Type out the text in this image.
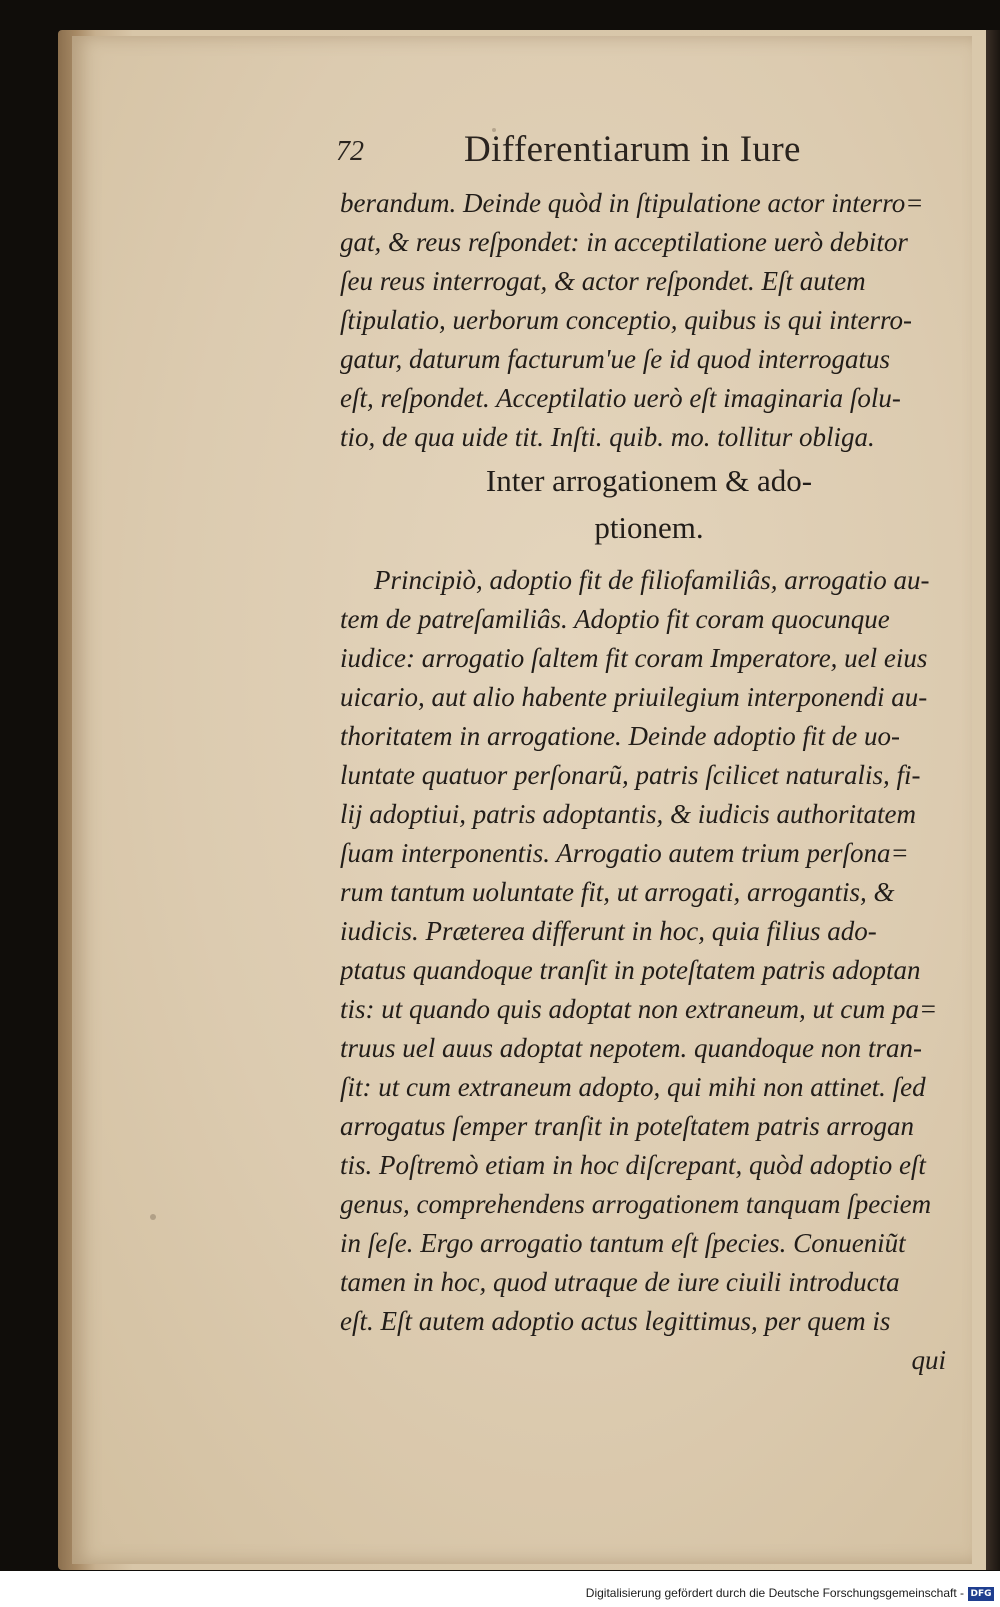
72	Differentiarum in Iure
berandum. Deinde quòd in ſtipulatione actor interro=
gat, & reus reſpondet: in acceptilatione uerò debitor
ſeu reus interrogat, & actor reſpondet. Eſt autem
ſtipulatio, uerborum conceptio, quibus is qui interro-
gatur, daturum facturum'ue ſe id quod interrogatus
eſt, reſpondet. Acceptilatio uerò eſt imaginaria ſolu-
tio, de qua uide tit. Inſti. quib. mo. tollitur obliga.
Inter arrogationem & ado-
ptionem.
Principiò, adoptio fit de filiofamiliâs, arrogatio au-
tem de patreſamiliâs. Adoptio fit coram quocunque
iudice: arrogatio ſaltem fit coram Imperatore, uel eius
uicario, aut alio habente priuilegium interponendi au-
thoritatem in arrogatione. Deinde adoptio fit de uo-
luntate quatuor perſonarũ, patris ſcilicet naturalis, fi-
lij adoptiui, patris adoptantis, & iudicis authoritatem
ſuam interponentis. Arrogatio autem trium perſona=
rum tantum uoluntate fit, ut arrogati, arrogantis, &
iudicis. Præterea differunt in hoc, quia filius ado-
ptatus quandoque tranſit in poteſtatem patris adoptan
tis: ut quando quis adoptat non extraneum, ut cum pa=
truus uel auus adoptat nepotem. quandoque non tran-
ſit: ut cum extraneum adopto, qui mihi non attinet. ſed
arrogatus ſemper tranſit in poteſtatem patris arrogan
tis. Poſtremò etiam in hoc diſcrepant, quòd adoptio eſt
genus, comprehendens arrogationem tanquam ſpeciem
in ſeſe. Ergo arrogatio tantum eſt ſpecies. Conueniũt
tamen in hoc, quod utraque de iure ciuili introducta
eſt. Eſt autem adoptio actus legittimus, per quem is
qui
Digitalisierung gefördert durch die Deutsche Forschungsgemeinschaft - DFG
